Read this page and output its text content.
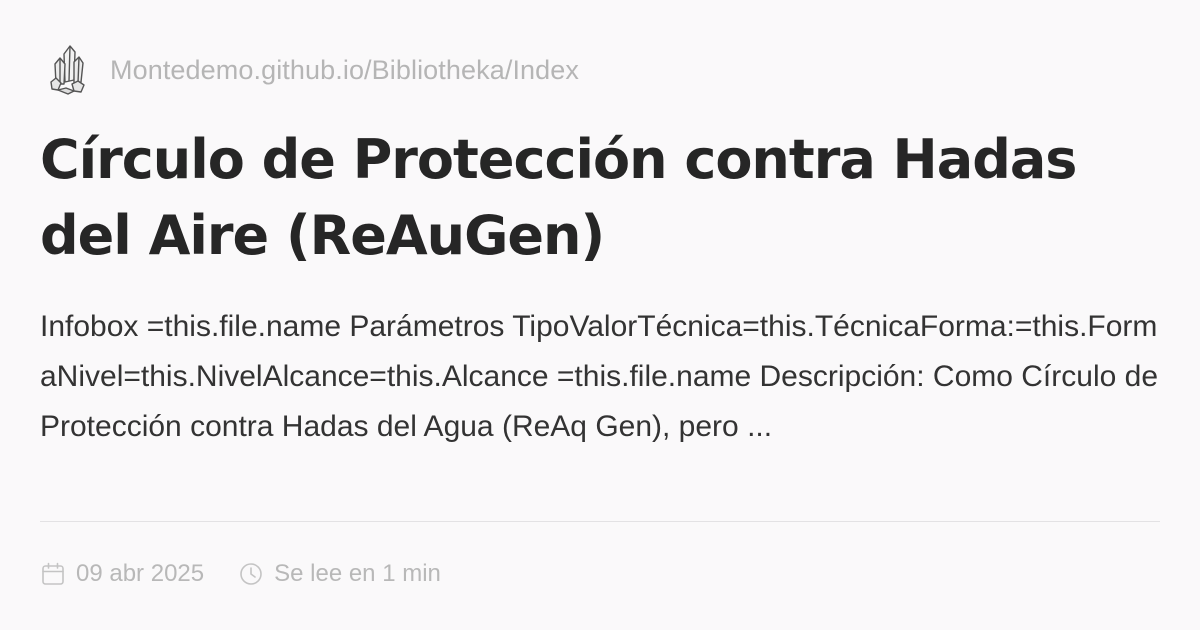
Montedemo.github.io/Bibliotheka/Index
Círculo de Protección contra Hadas del Aire (ReAuGen)
Infobox =this.file.name Parámetros TipoValorTécnica=this.TécnicaForma:=this.FormaNivel=this.NivelAlcance=this.Alcance =this.file.name Descripción: Como Círculo de Protección contra Hadas del Agua (ReAq Gen), pero ...
09 abr 2025	Se lee en 1 min
